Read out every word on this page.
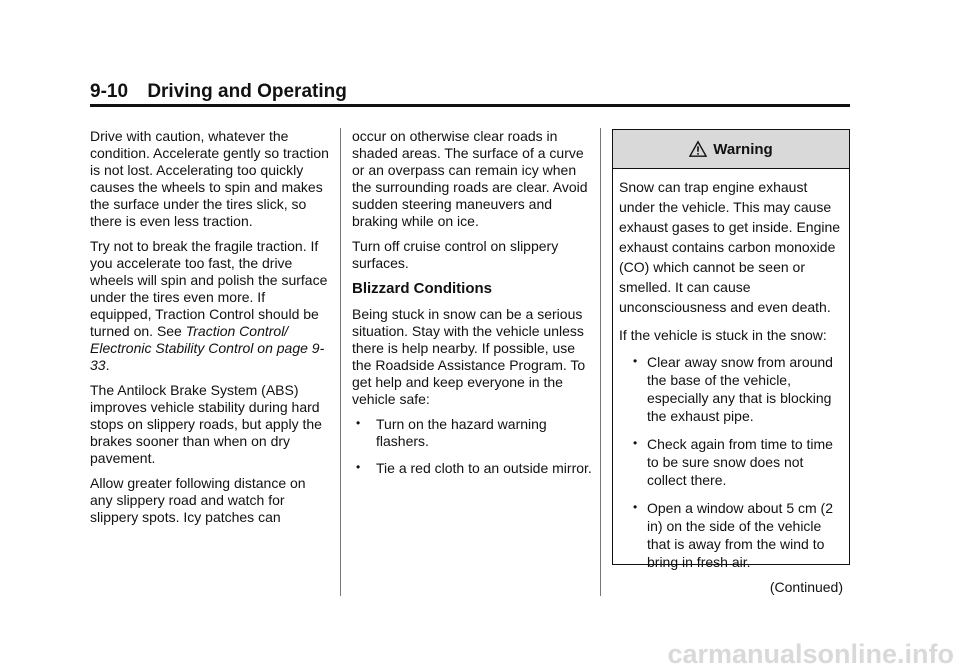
9-10 Driving and Operating

Drive with caution, whatever the condition. Accelerate gently so traction is not lost. Accelerating too quickly causes the wheels to spin and makes the surface under the tires slick, so there is even less traction.

Try not to break the fragile traction. If you accelerate too fast, the drive wheels will spin and polish the surface under the tires even more. If equipped, Traction Control should be turned on. See Traction Control/ Electronic Stability Control on page 9-33.

The Antilock Brake System (ABS) improves vehicle stability during hard stops on slippery roads, but apply the brakes sooner than when on dry pavement.

Allow greater following distance on any slippery road and watch for slippery spots. Icy patches can

occur on otherwise clear roads in shaded areas. The surface of a curve or an overpass can remain icy when the surrounding roads are clear. Avoid sudden steering maneuvers and braking while on ice.

Turn off cruise control on slippery surfaces.

Blizzard Conditions

Being stuck in snow can be a serious situation. Stay with the vehicle unless there is help nearby. If possible, use the Roadside Assistance Program. To get help and keep everyone in the vehicle safe:

• Turn on the hazard warning flashers.
• Tie a red cloth to an outside mirror.
Warning

Snow can trap engine exhaust under the vehicle. This may cause exhaust gases to get inside. Engine exhaust contains carbon monoxide (CO) which cannot be seen or smelled. It can cause unconsciousness and even death.

If the vehicle is stuck in the snow:

• Clear away snow from around the base of the vehicle, especially any that is blocking the exhaust pipe.
• Check again from time to time to be sure snow does not collect there.
• Open a window about 5 cm (2 in) on the side of the vehicle that is away from the wind to bring in fresh air.
(Continued)
carmanualsonline.info
